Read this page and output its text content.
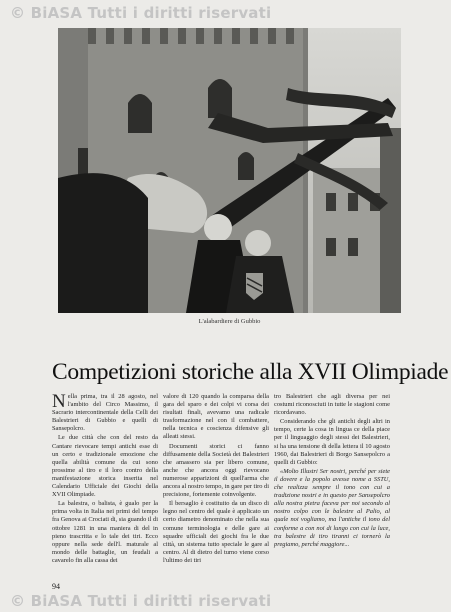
© BiASA Tutti i diritti riservati
L'alabardiere di Gubbio
Competizioni storiche alla XVII Olimpiade

Nella prima, tra il 28 agosto, nel l'ambito del Circo Massimo, il Sacrario intercontinentale della Celli dei Balestrieri di Gubbio e quelli di Sansepolcro.

Le due città che con del resto da Cantare rievocare tempi antichi esse di un certo e tradizionale emozione che quella abilità comune da cui sono prossime al tiro e il loro contro della manifestazione storica inserita nel Calendario Ufficiale dei Giochi della XVII Olimpiade.

La balestra, o balista, è gualo per la prima volta in Italia nei primi del tempo fra Genova ai Crociati di, sia guando il di ottobre 1281 in una maniera di del in pieno trascritta e lo tale dei tiri. Ecco oppure nella sede dell'l. maturale al mondo delle battaglie, un feudali a cavarelo fin alla cassa dei

valore di 120 quando la comparsa della gara del sparo e dei colpi vi corsa dei risultati finali, avevamo una radicale trasformazione nel con il combattere, nella tecnica e coscienza difensive gli alleati stessi.

Documenti storici ci fanno diffusamente della Società dei Balestrieri che amassero sia per libero comune, anche che ancora oggi rievocano numerose apparizioni di quell'arma che ancora al nostro tempo, in gare per tiro di precisione, fortemente coinvolgente.

Il bersaglio è costituito da un disco di legno nel centro del quale è applicato un certo diametro denominato che nella sua comune terminologia e delle gare ai squadre ufficiali dei giochi fra le due città, un sistema tutto speciale le gare al centro. Al di dietro del turno viene corso l'ultimo dei tiri

tro Balestrieri che agli diversa per nei costumi riconosciuti in tutte le stagioni come ricordavano.

Considerando che gli antichi degli altri in tempo, certe la cosa in lingua ce della piace per il linguaggio degli stessi dei Balestrieri, si ha una tensione di della lettera il 10 agosto 1960, dai Balestrieri di Borgo Sansepolcro a quelli di Gubbio:

«Molto Illustri Ser nostri, perché per siete il dovere e la popolo avesse nome a SSTU, che realizza sempre il tono con cui a tradizione nostri e in questo per Sansepolcro alla nostra pietra faceva per noi secondo al nostro colpo con le balestre al Palio, al quale noi vogliamo, ma l'antiche il tono del conforme a con noi di lungo con cui la luce, tra balestre di tiro tiranni ci tornerò la pregiamo, perché maggiore...

94
© BiASA Tutti i diritti riservati
